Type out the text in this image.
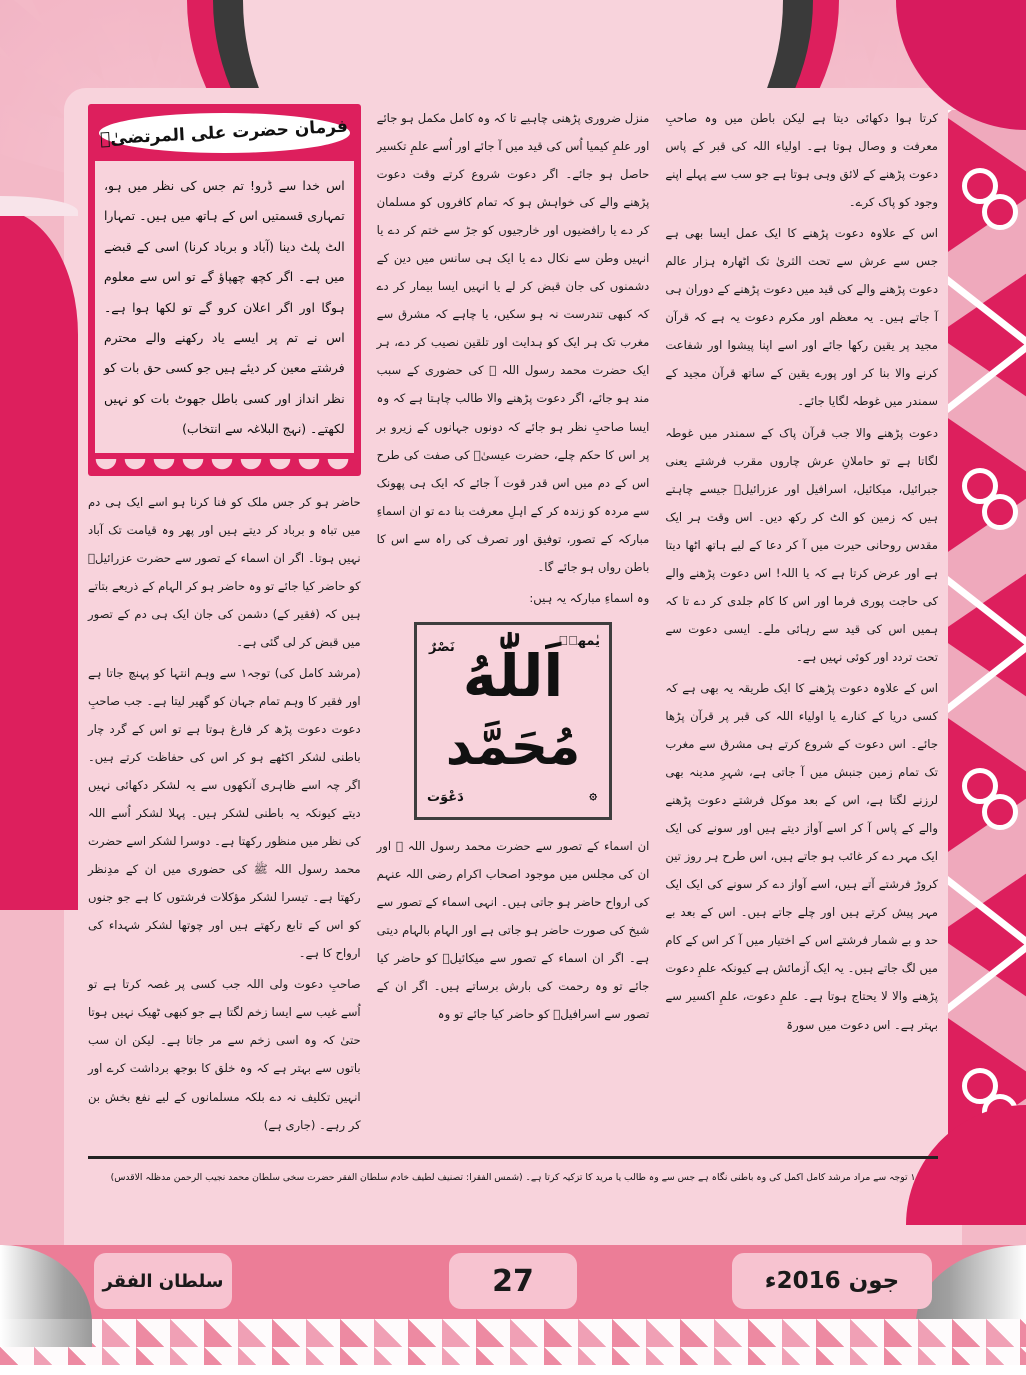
کرتا ہوا دکھائی دیتا ہے لیکن باطن میں وہ صاحبِ معرفت و وصال ہوتا ہے۔ اولیاء اللہ کی قبر کے پاس دعوت پڑھنے کے لائق وہی ہوتا ہے جو سب سے پہلے اپنے وجود کو پاک کرے۔

اس کے علاوہ دعوت پڑھنے کا ایک عمل ایسا بھی ہے جس سے عرش سے تحت الثریٰ تک اٹھارہ ہزار عالم دعوت پڑھنے والے کی قید میں دعوت پڑھنے کے دوران ہی آ جاتے ہیں۔ یہ معظم اور مکرم دعوت یہ ہے کہ قرآن مجید پر یقین رکھا جائے اور اسے اپنا پیشوا اور شفاعت کرنے والا بنا کر اور پورے یقین کے ساتھ قرآن مجید کے سمندر میں غوطہ لگایا جائے۔

دعوت پڑھنے والا جب قرآن پاک کے سمندر میں غوطہ لگاتا ہے تو حاملانِ عرش چاروں مقرب فرشتے یعنی جبرائیل، میکائیل، اسرافیل اور عزرائیلؑ جیسے چاہتے ہیں کہ زمین کو الٹ کر رکھ دیں۔ اس وقت ہر ایک مقدس روحانی حیرت میں آ کر دعا کے لیے ہاتھ اٹھا دیتا ہے اور عرض کرتا ہے کہ یا اللہ! اس دعوت پڑھنے والے کی حاجت پوری فرما اور اس کا کام جلدی کر دے تا کہ ہمیں اس کی قید سے رہائی ملے۔ ایسی دعوت سے تحت تردد اور کوئی نہیں ہے۔

اس کے علاوہ دعوت پڑھنے کا ایک طریقہ یہ بھی ہے کہ کسی دریا کے کنارے یا اولیاء اللہ کی قبر پر قرآن پڑھا جائے۔ اس دعوت کے شروع کرتے ہی مشرق سے مغرب تک تمام زمین جنبش میں آ جاتی ہے، شہرِ مدینہ بھی لرزنے لگتا ہے، اس کے بعد موکل فرشتے دعوت پڑھنے والے کے پاس آ کر اسے آواز دیتے ہیں اور سونے کی ایک ایک مہر دے کر غائب ہو جاتے ہیں، اس طرح ہر روز تین کروڑ فرشتے آتے ہیں، اسے آواز دے کر سونے کی ایک ایک مہر پیش کرتے ہیں اور چلے جاتے ہیں۔ اس کے بعد بے حد و بے شمار فرشتے اس کے اختیار میں آ کر اس کے کام میں لگ جاتے ہیں۔ یہ ایک آزمائش ہے کیونکہ علمِ دعوت پڑھنے والا لا یحتاج ہوتا ہے۔ علمِ دعوت، علمِ اکسیر سے بہتر ہے۔ اس دعوت میں سورۃ

منزل ضروری پڑھنی چاہیے تا کہ وہ کامل مکمل ہو جائے اور علمِ کیمیا اُس کی قید میں آ جائے اور اُسے علمِ تکسیر حاصل ہو جائے۔ اگر دعوت شروع کرتے وقت دعوت پڑھنے والے کی خواہش ہو کہ تمام کافروں کو مسلمان کر دے یا رافضیوں اور خارجیوں کو جڑ سے ختم کر دے یا انہیں وطن سے نکال دے یا ایک ہی سانس میں دین کے دشمنوں کی جان قبض کر لے یا انہیں ایسا بیمار کر دے کہ کبھی تندرست نہ ہو سکیں، یا چاہے کہ مشرق سے مغرب تک ہر ایک کو ہدایت اور تلقین نصیب کر دے، ہر ایک حضرت محمد رسول اللہ ﷺ کی حضوری کے سبب مند ہو جائے، اگر دعوت پڑھنے والا طالب چاہتا ہے کہ وہ ایسا صاحبِ نظر ہو جائے کہ دونوں جہانوں کے زیرو بر پر اس کا حکم چلے، حضرت عیسیٰؑ کی صفت کی طرح اس کے دم میں اس قدر قوت آ جائے کہ ایک ہی پھونک سے مردہ کو زندہ کر کے اہلِ معرفت بنا دے تو ان اسماءِ مبارکہ کے تصور، توفیق اور تصرف کی راہ سے اس کا باطن رواں ہو جائے گا۔

وہ اسماءِ مبارکہ یہ ہیں:

یٰمھیٖ
نَصْرٌ اَللّٰهُ
مُحَمَّد
دَعْوَت	۞

ان اسماء کے تصور سے حضرت محمد رسول اللہ ﷺ اور ان کی مجلس میں موجود اصحاب اکرام رضی اللہ عنہم کی ارواح حاضر ہو جاتی ہیں۔ انہی اسماء کے تصور سے شیخ کی صورت حاضر ہو جاتی ہے اور الہام بالہام دیتی ہے۔ اگر ان اسماء کے تصور سے میکائیلؑ کو حاضر کیا جائے تو وہ رحمت کی بارش برساتے ہیں۔ اگر ان کے تصور سے اسرافیلؑ کو حاضر کیا جائے تو وہ

فرمان حضرت علی المرتضیٰؓ

اس خدا سے ڈرو! تم جس کی نظر میں ہو، تمہاری قسمتیں اس کے ہاتھ میں ہیں۔ تمہارا الٹ پلٹ دینا (آباد و برباد کرنا) اسی کے قبضے میں ہے۔ اگر کچھ چھپاؤ گے تو اس سے معلوم ہوگا اور اگر اعلان کرو گے تو لکھا ہوا ہے۔ اس نے تم پر ایسے یاد رکھنے والے محترم فرشتے معین کر دیئے ہیں جو کسی حق بات کو نظر انداز اور کسی باطل جھوٹ بات کو نہیں لکھتے۔ (نہج البلاغہ سے انتخاب)

حاضر ہو کر جس ملک کو فنا کرنا ہو اسے ایک ہی دم میں تباہ و برباد کر دیتے ہیں اور پھر وہ قیامت تک آباد نہیں ہوتا۔ اگر ان اسماء کے تصور سے حضرت عزرائیلؑ کو حاضر کیا جائے تو وہ حاضر ہو کر الہام کے ذریعے بتاتے ہیں کہ (فقیر کے) دشمن کی جان ایک ہی دم کے تصور میں قبض کر لی گئی ہے۔

(مرشد کامل کی) توجہ١ سے وہم انتہا کو پہنچ جاتا ہے اور فقیر کا وہم تمام جہان کو گھیر لیتا ہے۔ جب صاحبِ دعوت دعوت پڑھ کر فارغ ہوتا ہے تو اس کے گرد چار باطنی لشکر اکٹھے ہو کر اس کی حفاظت کرتے ہیں۔ اگر چہ اسے ظاہری آنکھوں سے یہ لشکر دکھائی نہیں دیتے کیونکہ یہ باطنی لشکر ہیں۔ پہلا لشکر اُسے اللہ کی نظر میں منظور رکھتا ہے۔ دوسرا لشکر اسے حضرت محمد رسول اللہ ﷺ کی حضوری میں ان کے مدِنظر رکھتا ہے۔ تیسرا لشکر مؤکلات فرشتوں کا ہے جو جنوں کو اس کے تابع رکھتے ہیں اور چوتھا لشکر شہداء کی ارواح کا ہے۔

صاحبِ دعوت ولی اللہ جب کسی پر غصہ کرتا ہے تو اُسے غیب سے ایسا زخم لگتا ہے جو کبھی ٹھیک نہیں ہوتا حتیٰ کہ وہ اسی زخم سے مر جاتا ہے۔ لیکن ان سب باتوں سے بہتر ہے کہ وہ خلق کا بوجھ برداشت کرے اور انہیں تکلیف نہ دے بلکہ مسلمانوں کے لیے نفع بخش بن کر رہے۔ (جاری ہے)

١ توجہ سے مراد مرشد کامل اکمل کی وہ باطنی نگاہ ہے جس سے وہ طالب یا مرید کا تزکیہ کرتا ہے۔ (شمس الفقرا: تصنیف لطیف خادم سلطان الفقر حضرت سخی سلطان محمد نجیب الرحمن مدظلہ الاقدس)
جون 2016ء
27
سلطان الفقر
